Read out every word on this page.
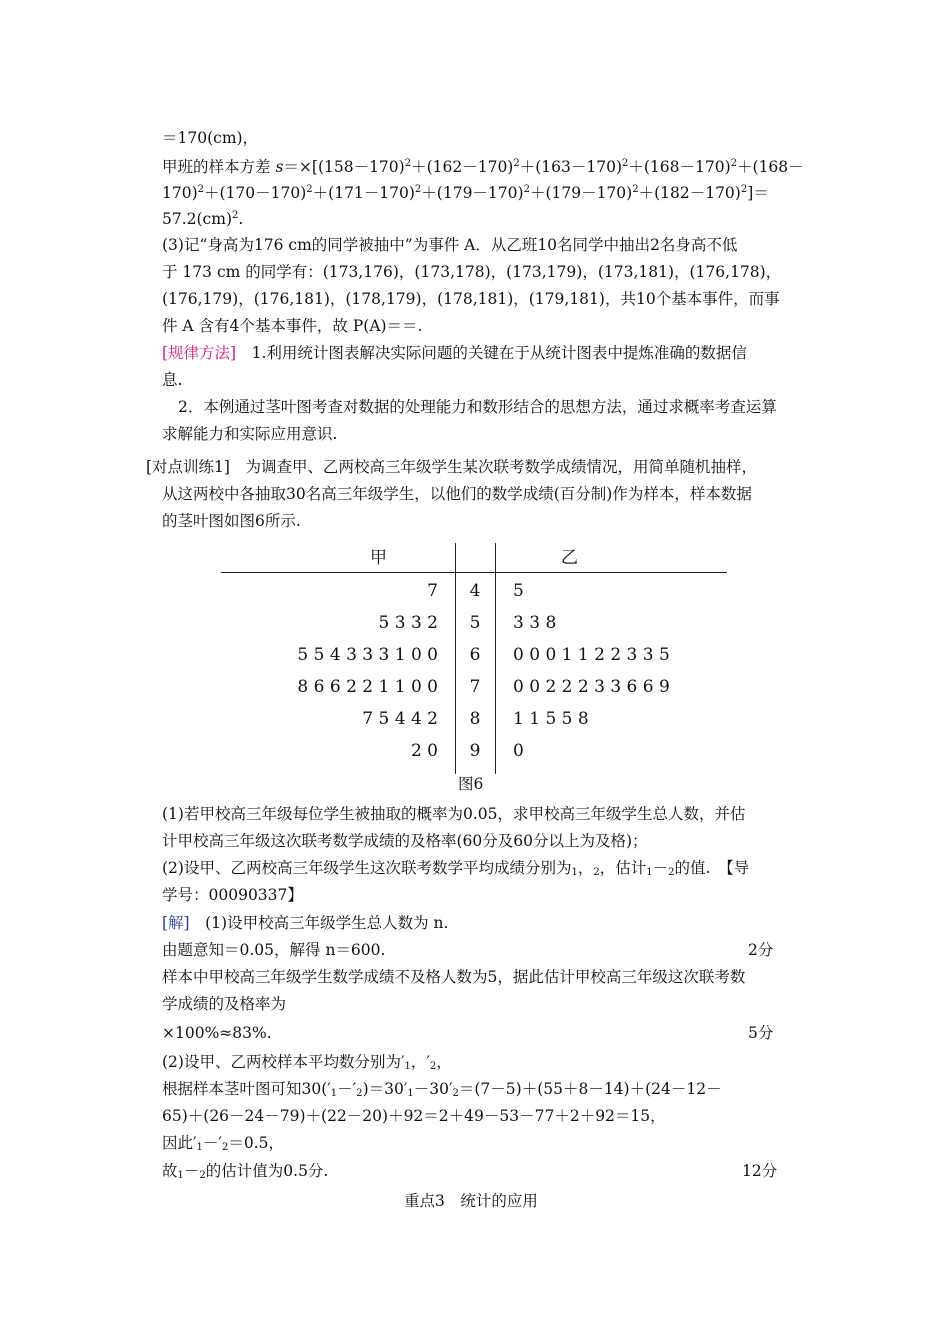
＝170(cm)，
甲班的样本方差 $s=\times[(158-170)^2+(162-170)^2+(163-170)^2+(168-170)^2+(168-$
$170)^2+(170-170)^2+(171-170)^2+(179-170)^2+(179-170)^2+(182-170)^2]=$
57.2(cm)$^2$.
(3)记“身高为176 cm的同学被抽中”为事件 A．从乙班10名同学中抽出2名身高不低
于 173 cm 的同学有：(173,176)，(173,178)，(173,179)，(173,181)，(176,178)，
(176,179)，(176,181)，(178,179)，(178,181)，(179,181)，共10个基本事件，而事
件 A 含有4个基本事件，故 P(A)＝＝.
[规律方法]　1.利用统计图表解决实际问题的关键在于从统计图表中提炼准确的数据信
息.
2．本例通过茎叶图考查对数据的处理能力和数形结合的思想方法，通过求概率考查运算
求解能力和实际应用意识.
[对点训练1]　为调查甲、乙两校高三年级学生某次联考数学成绩情况，用简单随机抽样，
从这两校中各抽取30名高三年级学生，以他们的数学成绩(百分制)作为样本，样本数据
的茎叶图如图6所示.
甲	乙
7	4	5
5 3 3 2	5	3 3 8
5 5 4 3 3 3 1 0 0	6	0 0 0 1 1 2 2 3 3 5
8 6 6 2 2 1 1 0 0	7	0 0 2 2 2 3 3 6 6 9
7 5 4 4 2	8	1 1 5 5 8
2 0	9	0
图6
(1)若甲校高三年级每位学生被抽取的概率为0.05，求甲校高三年级学生总人数，并估
计甲校高三年级这次联考数学成绩的及格率(60分及60分以上为及格)；
(2)设甲、乙两校高三年级学生这次联考数学平均成绩分别为$_1$，$_2$，估计$_1-_2$的值.　【导
学号：00090337】
[解]　(1)设甲校高三年级学生总人数为 n.
由题意知＝0.05，解得 n＝600.	2分
样本中甲校高三年级学生数学成绩不及格人数为5，据此估计甲校高三年级这次联考数
学成绩的及格率为
×100%≈83%.	5分
(2)设甲、乙两校样本平均数分别为$'_1$，$'_2$，
根据样本茎叶图可知$30('_1-'_2)=30'_1-30'_2=(7-5)+(55+8-14)+(24-12-$
65)＋(26－24－79)＋(22－20)＋92＝2＋49－53－77＋2＋92＝15，
因此$'_1-'_2=0.5$，
故$_1-_2$的估计值为0.5分.	12分
重点3　统计的应用
